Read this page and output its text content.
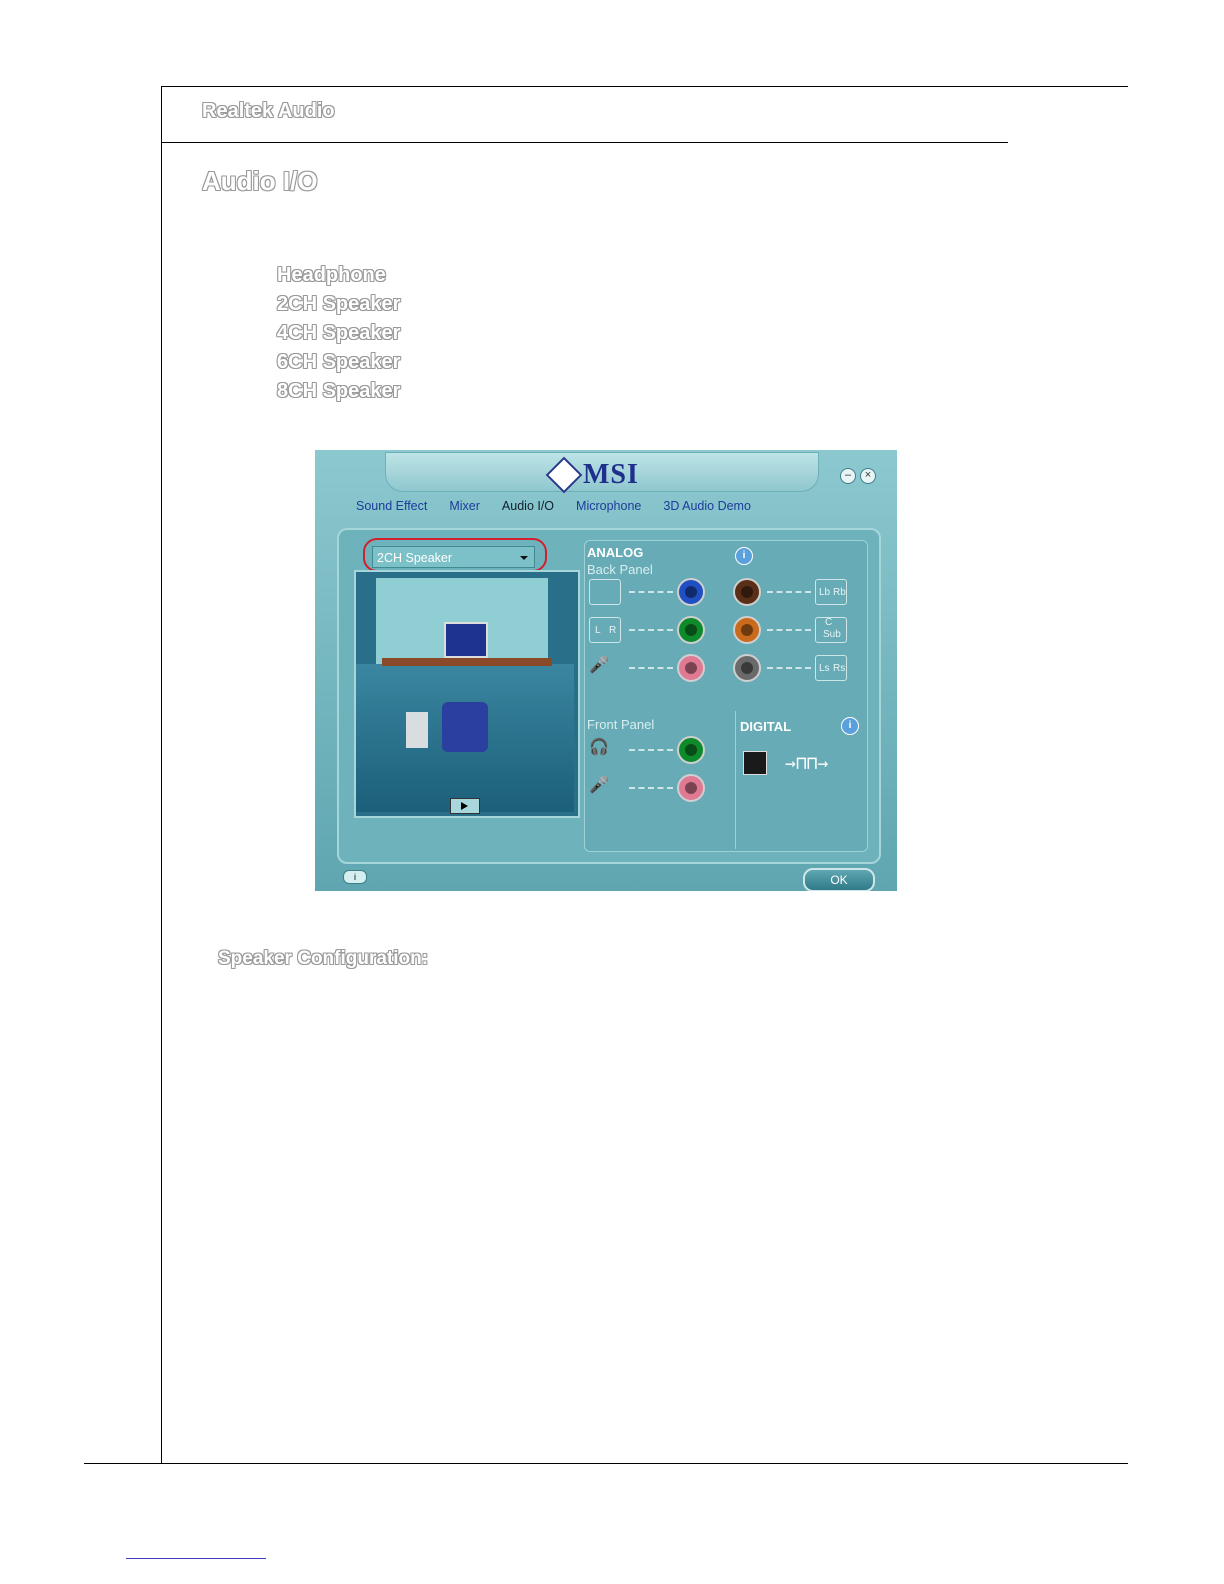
Realtek Audio
Audio I/O
Headphone
2CH Speaker
4CH Speaker
6CH Speaker
8CH Speaker
MSI	–	×
Sound Effect	Mixer	Audio I/O	Microphone	3D Audio Demo
2CH Speaker	ANALOG	i
Back Panel
L R
🎤
Lb Rb
C
Sub
Ls Rs
Front Panel
🎧
🎤
DIGITAL	i
→⊓⊓→
i	OK
Speaker Configuration:
